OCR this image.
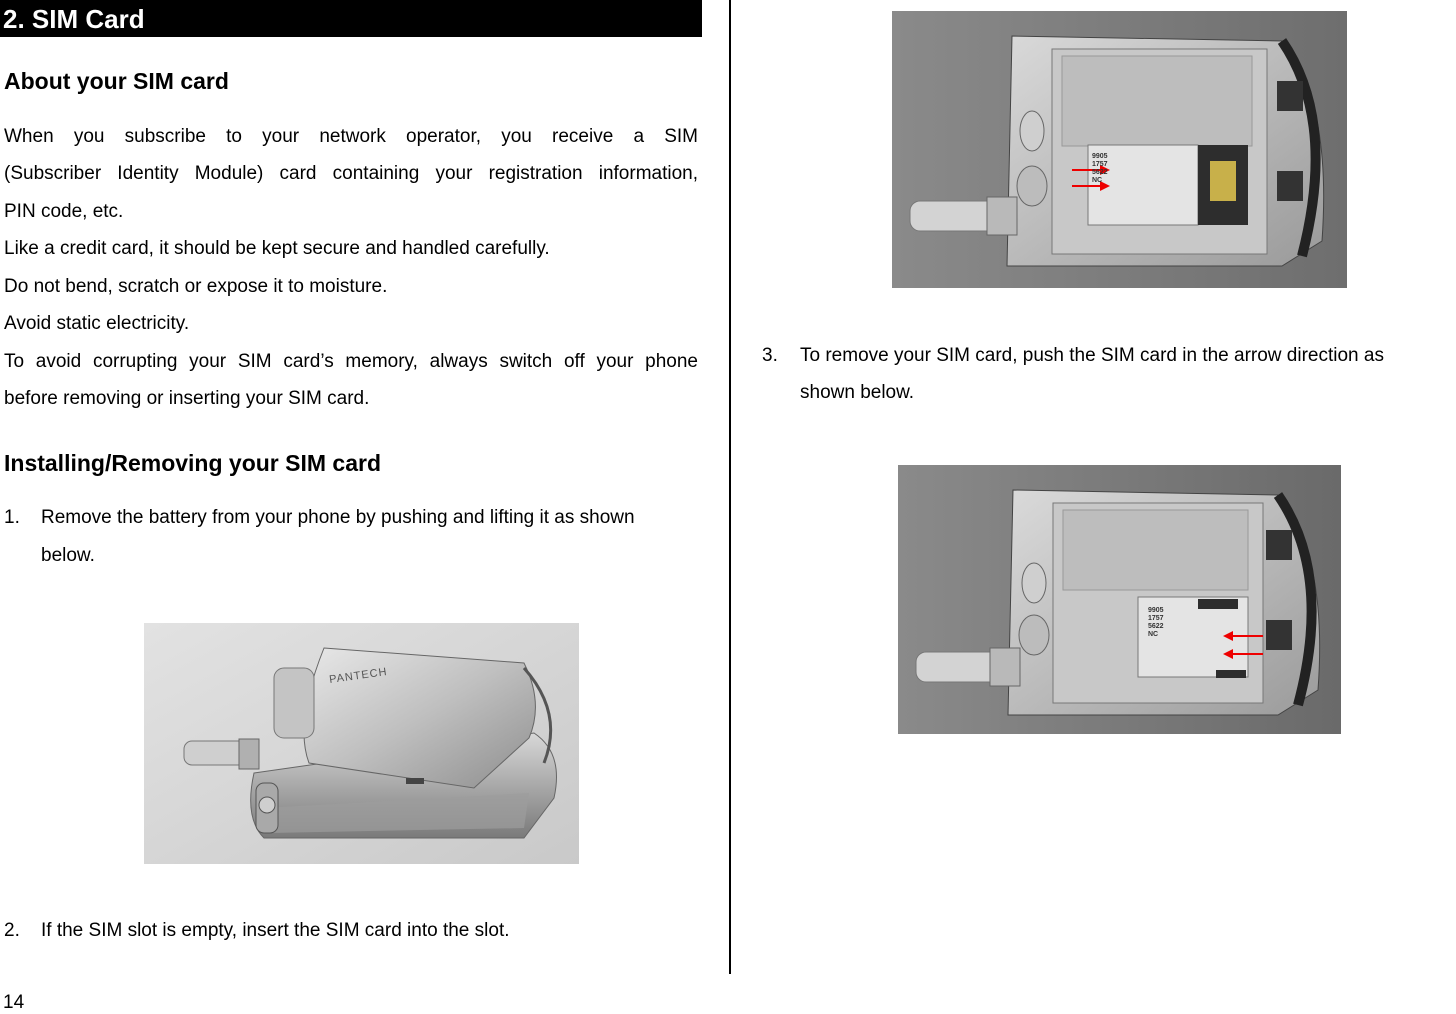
2. SIM Card
About your SIM card

When you subscribe to your network operator, you receive a SIM

(Subscriber Identity Module) card containing your registration information,

PIN code, etc.

Like a credit card, it should be kept secure and handled carefully.

Do not bend, scratch or expose it to moisture.

Avoid static electricity.

To avoid corrupting your SIM card’s memory, always switch off your phone

before removing or inserting your SIM card.

Installing/Removing your SIM card
1. Remove the battery from your phone by pushing and lifting it as shown
below.
PANTECH
2. If the SIM slot is empty, insert the SIM card into the slot.

14

9905
1757
5622
NC
3. To remove your SIM card, push the SIM card in the arrow direction as
shown below.
9905
1757
5622
NC
